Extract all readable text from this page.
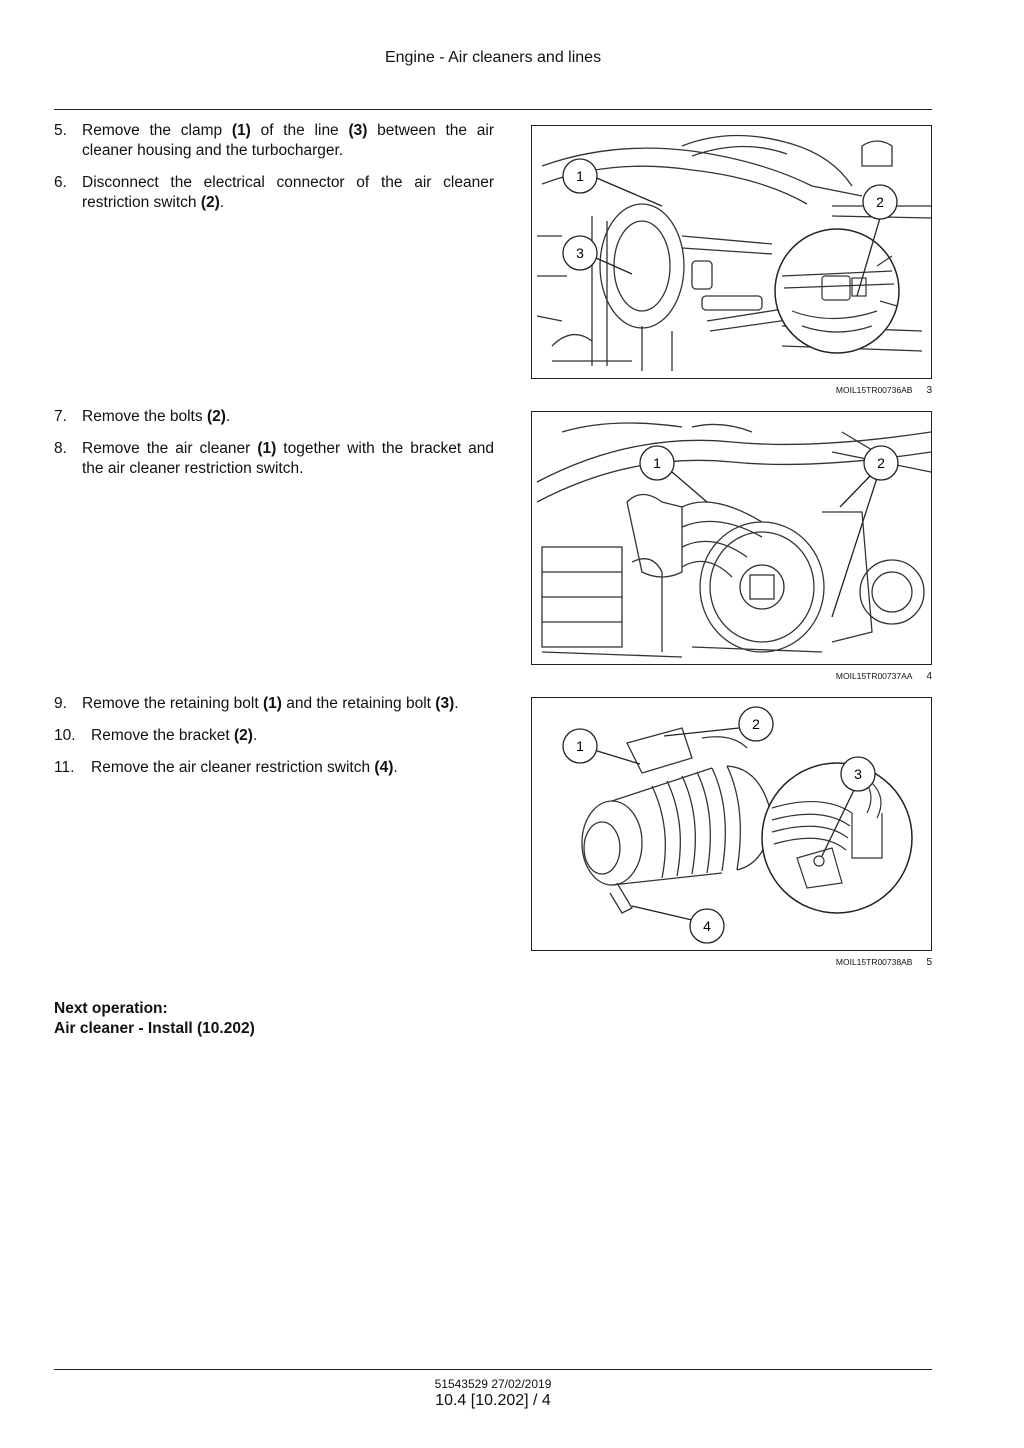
Engine - Air cleaners and lines
5. Remove the clamp (1) of the line (3) between the air cleaner housing and the turbocharger.
6. Disconnect the electrical connector of the air cleaner restriction switch (2).
1
2
3
MOIL15TR00736AB 3
7. Remove the bolts (2).
8. Remove the air cleaner (1) together with the bracket and the air cleaner restriction switch.	1	2
MOIL15TR00737AA 4
9. Remove the retaining bolt (1) and the retaining bolt (3).
10. Remove the bracket (2).
11. Remove the air cleaner restriction switch (4).
1
2
3
4
MOIL15TR00738AB 5
Next operation:
Air cleaner - Install (10.202)
51543529 27/02/2019
10.4 [10.202] / 4
